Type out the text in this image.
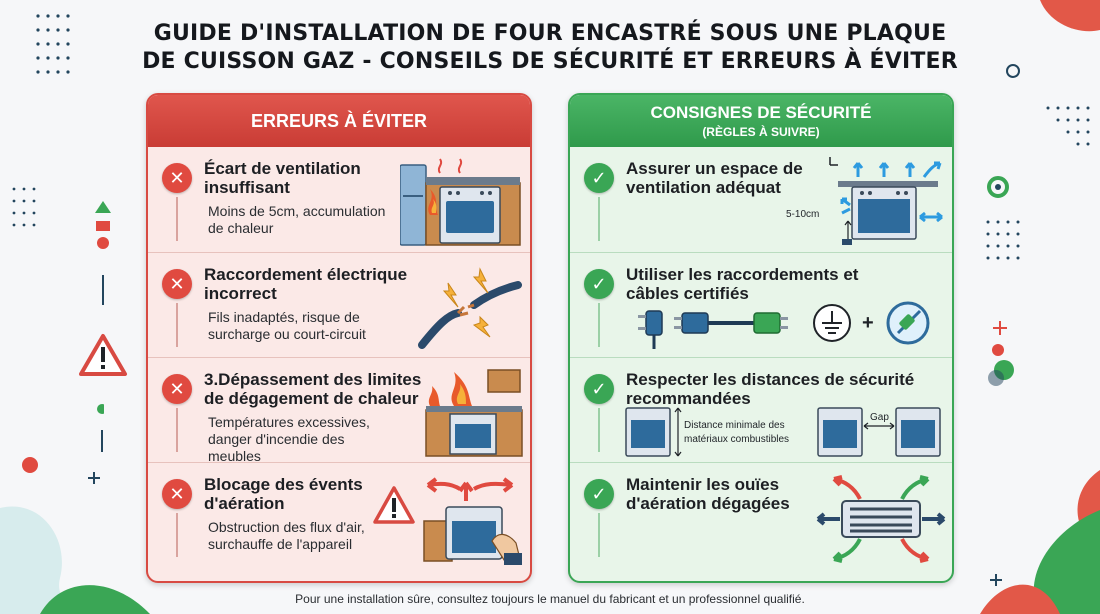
GUIDE D'INSTALLATION DE FOUR ENCASTRÉ SOUS UNE PLAQUE
DE CUISSON GAZ - CONSEILS DE SÉCURITÉ ET ERREURS À ÉVITER
ERREURS À ÉVITER
✕	Écart de ventilation insuffisant
Moins de 5cm, accumulation de chaleur
✕	Raccordement électrique incorrect
Fils inadaptés, risque de surcharge ou court-circuit
✕	3.Dépassement des limites de dégagement de chaleur
Températures excessives, danger d'incendie des meubles
✕	Blocage des évents d'aération
Obstruction des flux d'air, surchauffe de l'appareil
CONSIGNES DE SÉCURITÉ
(RÈGLES À SUIVRE)
✓	Assurer un espace de ventilation adéquat
5-10cm
✓	Utiliser les raccordements et câbles certifiés
+
✓	Respecter les distances de sécurité recommandées
Distance minimale des
matériaux combustibles
Gap
✓	Maintenir les ouïes d'aération dégagées
Pour une installation sûre, consultez toujours le manuel du fabricant et un professionnel qualifié.
